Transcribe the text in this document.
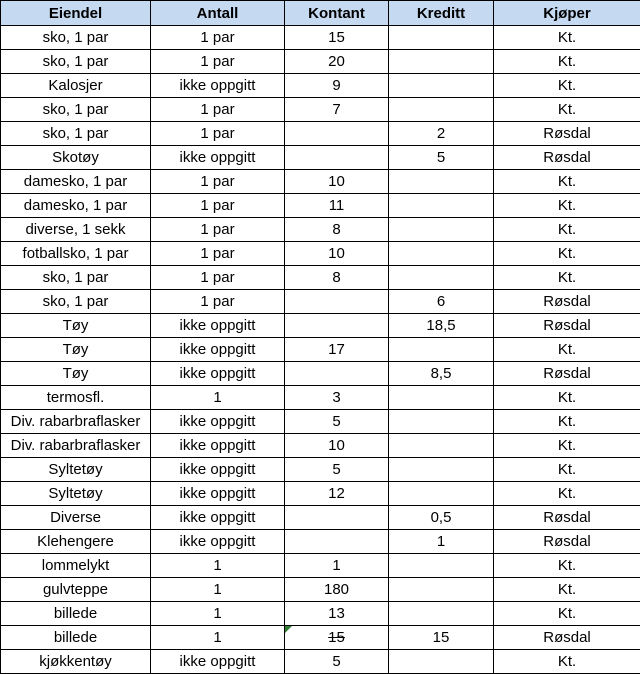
Eiendel	Antall	Kontant	Kreditt	Kjøper
sko, 1 par	1 par	15		Kt.
sko, 1 par	1 par	20		Kt.
Kalosjer	ikke oppgitt	9		Kt.
sko, 1 par	1 par	7		Kt.
sko, 1 par	1 par		2	Røsdal
Skotøy	ikke oppgitt		5	Røsdal
damesko, 1 par	1 par	10		Kt.
damesko, 1 par	1 par	11		Kt.
diverse, 1 sekk	1 par	8		Kt.
fotballsko, 1 par	1 par	10		Kt.
sko, 1 par	1 par	8		Kt.
sko, 1 par	1 par		6	Røsdal
Tøy	ikke oppgitt		18,5	Røsdal
Tøy	ikke oppgitt	17		Kt.
Tøy	ikke oppgitt		8,5	Røsdal
termosfl.	1	3		Kt.
Div. rabarbraflasker	ikke oppgitt	5		Kt.
Div. rabarbraflasker	ikke oppgitt	10		Kt.
Syltetøy	ikke oppgitt	5		Kt.
Syltetøy	ikke oppgitt	12		Kt.
Diverse	ikke oppgitt		0,5	Røsdal
Klehengere	ikke oppgitt		1	Røsdal
lommelykt	1	1		Kt.
gulvteppe	1	180		Kt.
billede	1	13		Kt.
billede	1	15	15	Røsdal
kjøkkentøy	ikke oppgitt	5		Kt.
